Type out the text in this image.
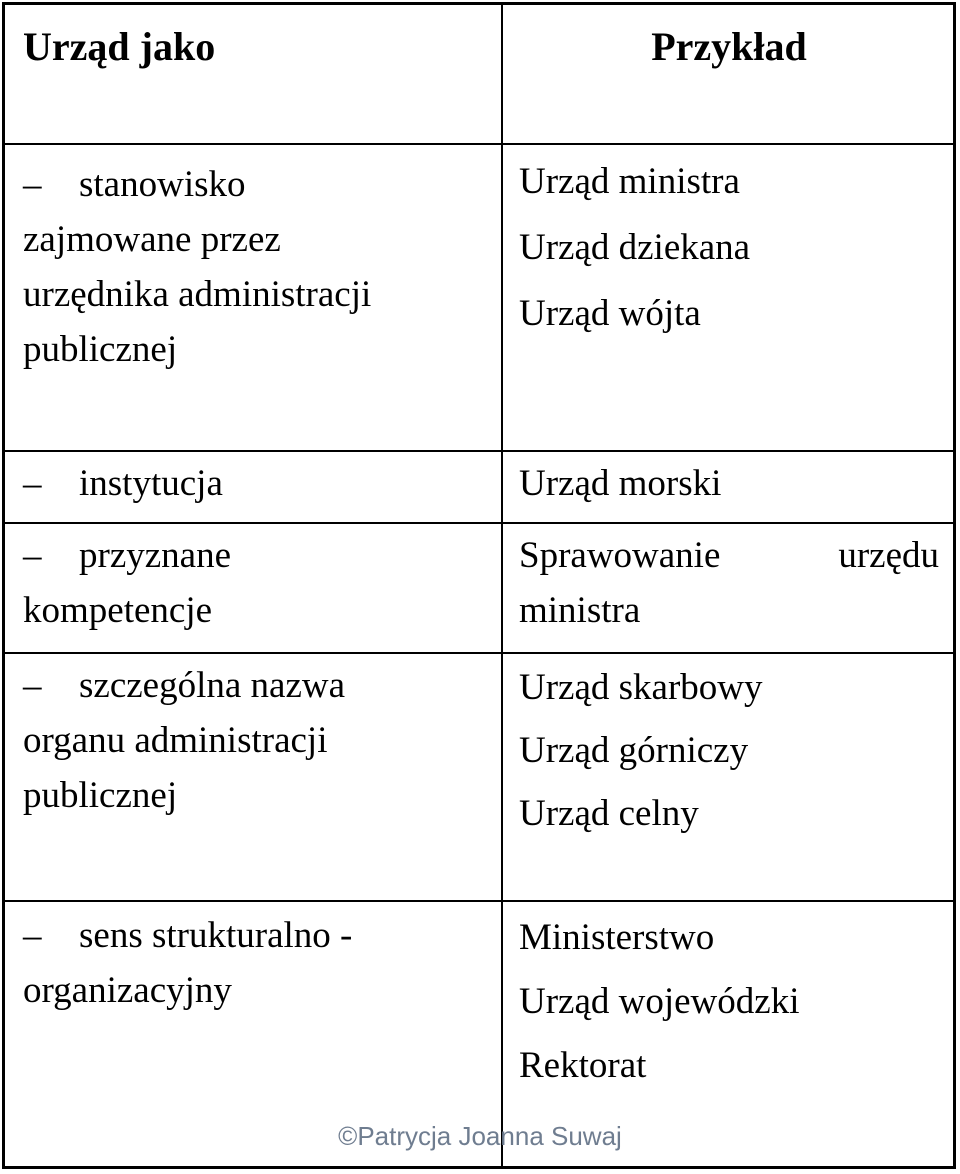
Urząd jako	Przykład

– stanowisko
zajmowane przez
urzędnika administracji
publicznej	Urząd ministra
Urząd dziekana
Urząd wójta

– instytucja	Urząd morski

– przyznane
kompetencje	Sprawowanie urzędu
ministra

– szczególna nazwa
organu administracji
publicznej	Urząd skarbowy
Urząd górniczy
Urząd celny

– sens strukturalno -
organizacyjny	Ministerstwo
Urząd wojewódzki
Rektorat
©Patrycja Joanna Suwaj
